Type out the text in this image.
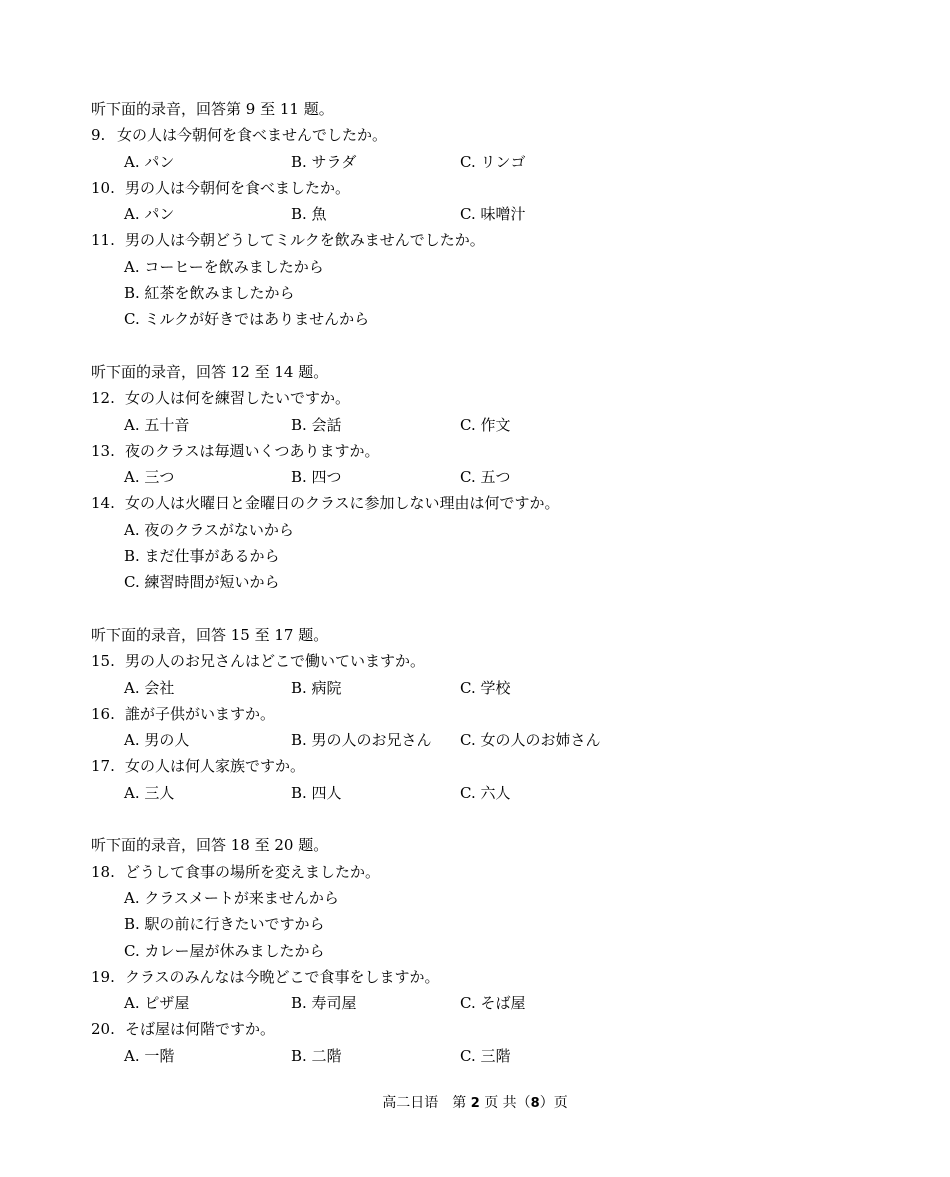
听下面的录音，回答第 9 至 11 题。
9. 女の人は今朝何を食べませんでしたか。
A. パン	B. サラダ	C. リンゴ
10. 男の人は今朝何を食べましたか。
A. パン	B. 魚	C. 味噌汁
11. 男の人は今朝どうしてミルクを飲みませんでしたか。
A. コーヒーを飲みましたから
B. 紅茶を飲みましたから
C. ミルクが好きではありませんから
听下面的录音，回答 12 至 14 题。
12. 女の人は何を練習したいですか。
A. 五十音	B. 会話	C. 作文
13. 夜のクラスは毎週いくつありますか。
A. 三つ	B. 四つ	C. 五つ
14. 女の人は火曜日と金曜日のクラスに参加しない理由は何ですか。
A. 夜のクラスがないから
B. まだ仕事があるから
C. 練習時間が短いから
听下面的录音，回答 15 至 17 题。
15. 男の人のお兄さんはどこで働いていますか。
A. 会社	B. 病院	C. 学校
16. 誰が子供がいますか。
A. 男の人	B. 男の人のお兄さん	C. 女の人のお姉さん
17. 女の人は何人家族ですか。
A. 三人	B. 四人	C. 六人
听下面的录音，回答 18 至 20 题。
18. どうして食事の場所を変えましたか。
A. クラスメートが来ませんから
B. 駅の前に行きたいですから
C. カレー屋が休みましたから
19. クラスのみんなは今晩どこで食事をしますか。
A. ピザ屋	B. 寿司屋	C. そば屋
20. そば屋は何階ですか。
A. 一階	B. 二階	C. 三階
高二日语　第 2 页 共（8）页
